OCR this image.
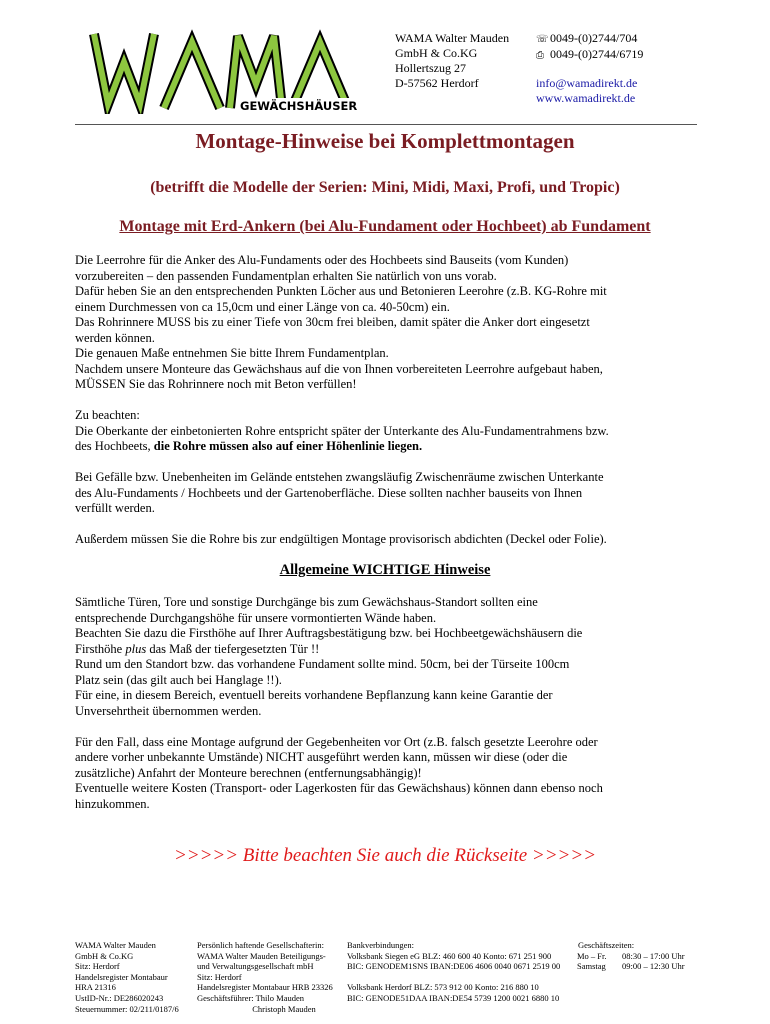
GEWÄCHSHÄUSER
WAMA Walter Mauden
GmbH & Co.KG
Hollertszug 27
D-57562 Herdorf
☏0049-(0)2744/704
⎙ 0049-(0)2744/6719
info@wamadirekt.de
www.wamadirekt.de
Montage-Hinweise bei Komplettmontagen
(betrifft die Modelle der Serien: Mini, Midi, Maxi, Profi, und Tropic)
Montage mit Erd-Ankern (bei Alu-Fundament oder Hochbeet) ab Fundament

Die Leerrohre für die Anker des Alu-Fundaments oder des Hochbeets sind Bauseits (vom Kunden)
vorzubereiten – den passenden Fundamentplan erhalten Sie natürlich von uns vorab.
Dafür heben Sie an den entsprechenden Punkten Löcher aus und Betonieren Leerohre (z.B. KG-Rohre mit
einem Durchmessen von ca 15,0cm und einer Länge von ca. 40-50cm) ein.
Das Rohrinnere MUSS bis zu einer Tiefe von 30cm frei bleiben, damit später die Anker dort eingesetzt
werden können.
Die genauen Maße entnehmen Sie bitte Ihrem Fundamentplan.
Nachdem unsere Monteure das Gewächshaus auf die von Ihnen vorbereiteten Leerrohre aufgebaut haben,
MÜSSEN Sie das Rohrinnere noch mit Beton verfüllen!

Zu beachten:
Die Oberkante der einbetonierten Rohre entspricht später der Unterkante des Alu-Fundamentrahmens bzw.
des Hochbeets, die Rohre müssen also auf einer Höhenlinie liegen.

Bei Gefälle bzw. Unebenheiten im Gelände entstehen zwangsläufig Zwischenräume zwischen Unterkante
des Alu-Fundaments / Hochbeets und der Gartenoberfläche. Diese sollten nachher bauseits von Ihnen
verfüllt werden.

Außerdem müssen Sie die Rohre bis zur endgültigen Montage provisorisch abdichten (Deckel oder Folie).

Allgemeine WICHTIGE Hinweise

Sämtliche Türen, Tore und sonstige Durchgänge bis zum Gewächshaus-Standort sollten eine
entsprechende Durchgangshöhe für unsere vormontierten Wände haben.
Beachten Sie dazu die Firsthöhe auf Ihrer Auftragsbestätigung bzw. bei Hochbeetgewächshäusern die
Firsthöhe plus das Maß der tiefergesetzten Tür !!
Rund um den Standort bzw. das vorhandene Fundament sollte mind. 50cm, bei der Türseite 100cm
Platz sein (das gilt auch bei Hanglage !!).
Für eine, in diesem Bereich, eventuell bereits vorhandene Bepflanzung kann keine Garantie der
Unversehrtheit übernommen werden.

Für den Fall, dass eine Montage aufgrund der Gegebenheiten vor Ort (z.B. falsch gesetzte Leerohre oder
andere vorher unbekannte Umstände) NICHT ausgeführt werden kann, müssen wir diese (oder die
zusätzliche) Anfahrt der Monteure berechnen (entfernungsabhängig)!
Eventuelle weitere Kosten (Transport- oder Lagerkosten für das Gewächshaus) können dann ebenso noch
hinzukommen.

>>>>> Bitte beachten Sie auch die Rückseite >>>>>
WAMA Walter Mauden
GmbH & Co.KG
Sitz: Herdorf
Handelsregister Montabaur
HRA 21316
UstID-Nr.: DE286020243
Steuernummer: 02/211/0187/6
Persönlich haftende Gesellschafterin:
WAMA Walter Mauden Beteiligungs-
und Verwaltungsgesellschaft mbH
Sitz: Herdorf
Handelsregister Montabaur HRB 23326
Geschäftsführer: Thilo Mauden
Christoph Mauden
Bankverbindungen:
Volksbank Siegen eG BLZ: 460 600 40 Konto: 671 251 900
BIC: GENODEM1SNS IBAN:DE06 4606 0040 0671 2519 00
Volksbank Herdorf BLZ: 573 912 00 Konto: 216 880 10
BIC: GENODE51DAA IBAN:DE54 5739 1200 0021 6880 10
Geschäftszeiten:
Mo – Fr. 08:30 – 17:00 Uhr
Samstag 09:00 – 12:30 Uhr
